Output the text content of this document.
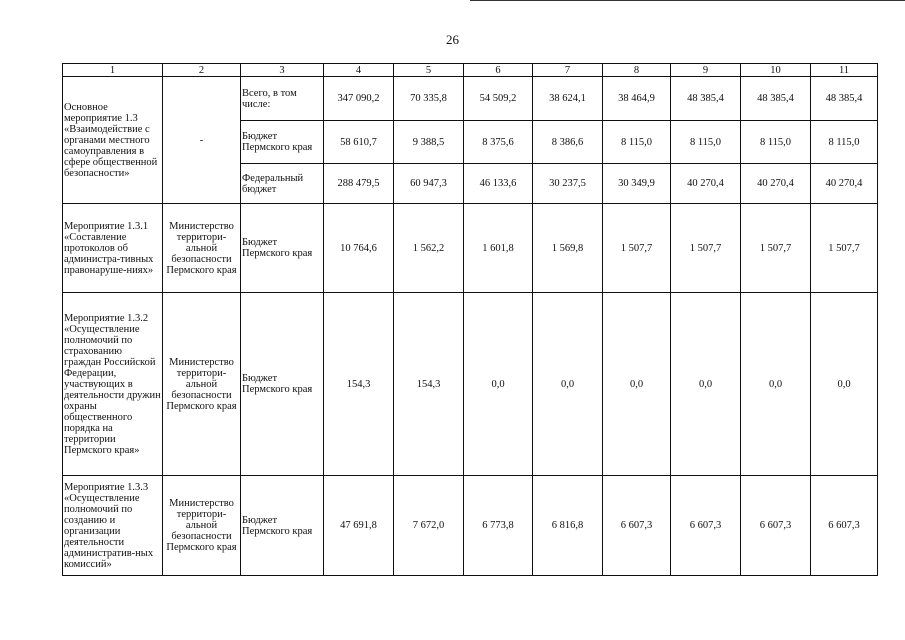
26
1	2	3	4	5	6	7	8	9	10	11
Основное мероприятие 1.3 «Взаимодействие с органами местного самоуправления в сфере общественной безопасности»	-	Всего, в том числе:	347 090,2	70 335,8	54 509,2	38 624,1	38 464,9	48 385,4	48 385,4	48 385,4
		Бюджет Пермского края	58 610,7	9 388,5	8 375,6	8 386,6	8 115,0	8 115,0	8 115,0	8 115,0
		Федеральный бюджет	288 479,5	60 947,3	46 133,6	30 237,5	30 349,9	40 270,4	40 270,4	40 270,4
Мероприятие 1.3.1 «Составление протоколов об администра-тивных правонаруше-ниях»	Министерство территори-альной безопасности Пермского края	Бюджет Пермского края	10 764,6	1 562,2	1 601,8	1 569,8	1 507,7	1 507,7	1 507,7	1 507,7
Мероприятие 1.3.2 «Осуществление полномочий по страхованию граждан Российской Федерации, участвующих в деятельности дружин охраны общественного порядка на территории Пермского края»	Министерство территори-альной безопасности Пермского края	Бюджет Пермского края	154,3	154,3	0,0	0,0	0,0	0,0	0,0	0,0
Мероприятие 1.3.3 «Осуществление полномочий по созданию и организации деятельности административ-ных комиссий»	Министерство территори-альной безопасности Пермского края	Бюджет Пермского края	47 691,8	7 672,0	6 773,8	6 816,8	6 607,3	6 607,3	6 607,3	6 607,3
